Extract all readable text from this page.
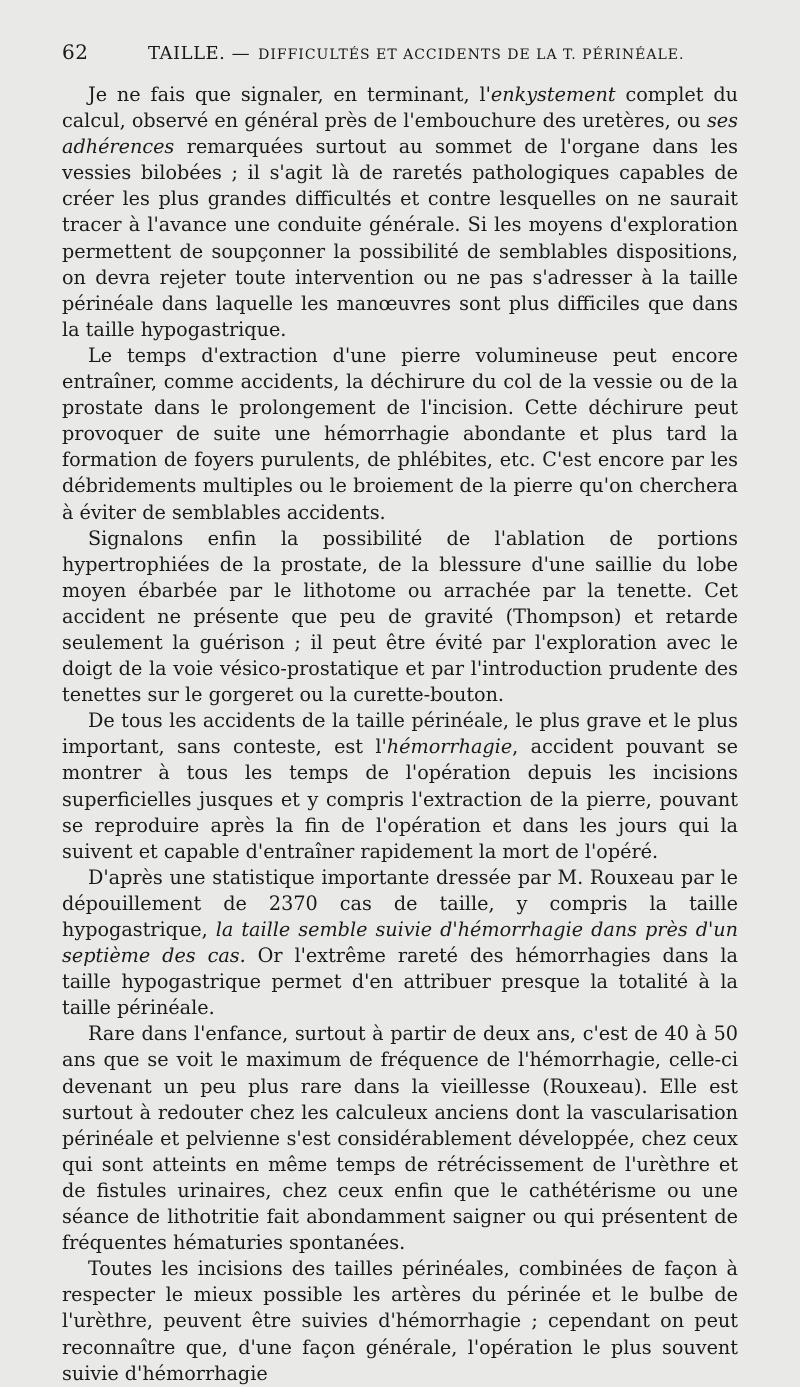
62	TAILLE. — DIFFICULTÉS ET ACCIDENTS DE LA T. PÉRINÉALE.

Je ne fais que signaler, en terminant, l'enkystement complet du calcul, observé en général près de l'embouchure des uretères, ou ses adhérences remarquées surtout au sommet de l'organe dans les vessies bilobées ; il s'agit là de raretés pathologiques capables de créer les plus grandes difficultés et contre lesquelles on ne saurait tracer à l'avance une conduite générale. Si les moyens d'exploration permettent de soupçonner la possibilité de semblables dispositions, on devra rejeter toute intervention ou ne pas s'adresser à la taille périnéale dans laquelle les manœuvres sont plus difficiles que dans la taille hypogastrique.

Le temps d'extraction d'une pierre volumineuse peut encore entraîner, comme accidents, la déchirure du col de la vessie ou de la prostate dans le prolongement de l'incision. Cette déchirure peut provoquer de suite une hémorrhagie abondante et plus tard la formation de foyers purulents, de phlébites, etc. C'est encore par les débridements multiples ou le broiement de la pierre qu'on cherchera à éviter de semblables accidents.

Signalons enfin la possibilité de l'ablation de portions hypertrophiées de la prostate, de la blessure d'une saillie du lobe moyen ébarbée par le lithotome ou arrachée par la tenette. Cet accident ne présente que peu de gravité (Thompson) et retarde seulement la guérison ; il peut être évité par l'exploration avec le doigt de la voie vésico-prostatique et par l'introduction prudente des tenettes sur le gorgeret ou la curette-bouton.

De tous les accidents de la taille périnéale, le plus grave et le plus important, sans conteste, est l'hémorrhagie, accident pouvant se montrer à tous les temps de l'opération depuis les incisions superficielles jusques et y compris l'extraction de la pierre, pouvant se reproduire après la fin de l'opération et dans les jours qui la suivent et capable d'entraîner rapidement la mort de l'opéré.

D'après une statistique importante dressée par M. Rouxeau par le dépouillement de 2370 cas de taille, y compris la taille hypogastrique, la taille semble suivie d'hémorrhagie dans près d'un septième des cas. Or l'extrême rareté des hémorrhagies dans la taille hypogastrique permet d'en attribuer presque la totalité à la taille périnéale.

Rare dans l'enfance, surtout à partir de deux ans, c'est de 40 à 50 ans que se voit le maximum de fréquence de l'hémorrhagie, celle-ci devenant un peu plus rare dans la vieillesse (Rouxeau). Elle est surtout à redouter chez les calculeux anciens dont la vascularisation périnéale et pelvienne s'est considérablement développée, chez ceux qui sont atteints en même temps de rétrécissement de l'urèthre et de fistules urinaires, chez ceux enfin que le cathétérisme ou une séance de lithotritie fait abondamment saigner ou qui présentent de fréquentes hématuries spontanées.

Toutes les incisions des tailles périnéales, combinées de façon à respecter le mieux possible les artères du périnée et le bulbe de l'urèthre, peuvent être suivies d'hémorrhagie ; cependant on peut reconnaître que, d'une façon générale, l'opération le plus souvent suivie d'hémorrhagie
